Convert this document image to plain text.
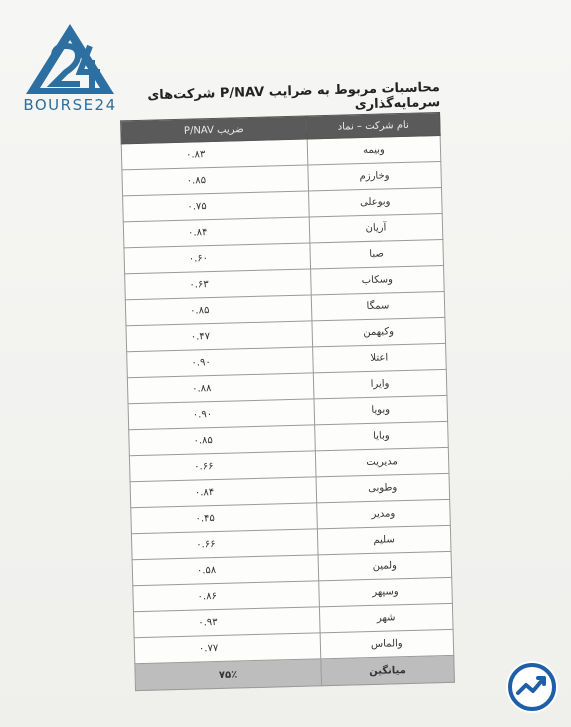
BOURSE24
محاسبات مربوط به ضرایب P/NAV شرکت‌های سرمایه‌گذاری
نام شرکت – نماد	ضریب P/NAV
وبیمه	۰.۸۳
وخارزم	۰.۸۵
وبوعلی	۰.۷۵
آریان	۰.۸۴
صبا	۰.۶۰
وسکاب	۰.۶۳
سمگا	۰.۸۵
وکبهمن	۰.۴۷
اعتلا	۰.۹۰
وایرا	۰.۸۸
وبویا	۰.۹۰
وبایا	۰.۸۵
مدیریت	۰.۶۶
وطوبی	۰.۸۴
ومدیر	۰.۴۵
سلیم	۰.۶۶
ولمین	۰.۵۸
وسپهر	۰.۸۶
شهر	۰.۹۳
والماس	۰.۷۷
میانگین	۷۵٪
